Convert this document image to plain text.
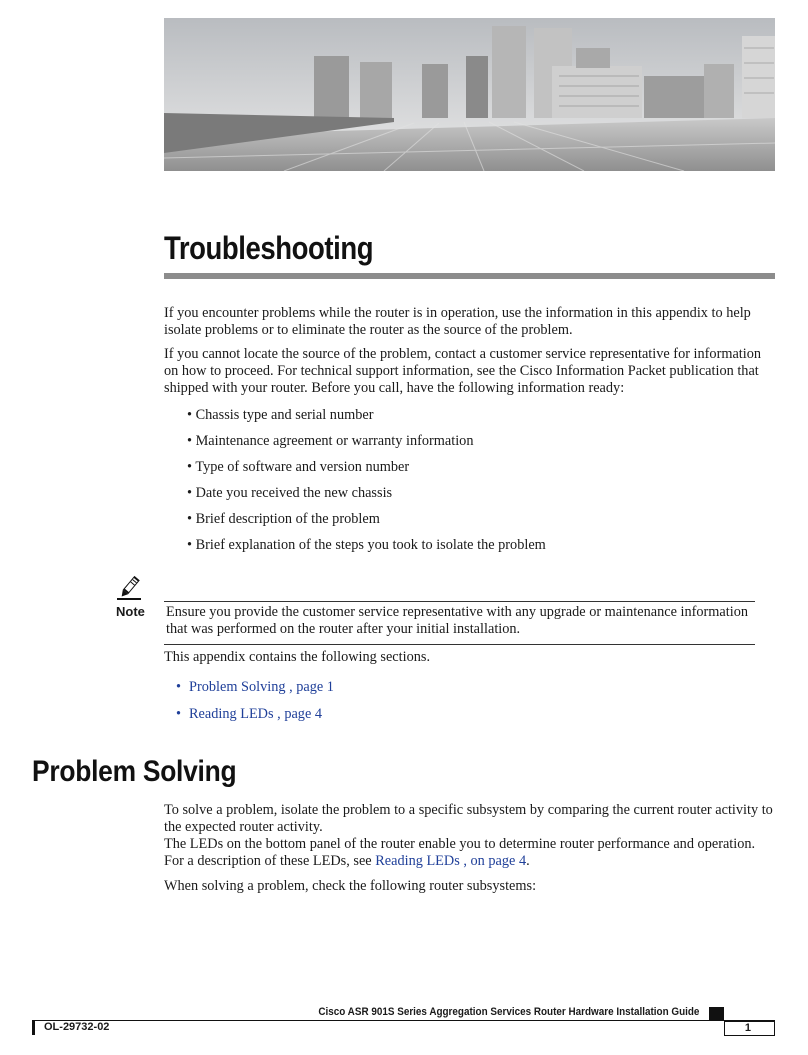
Troubleshooting

If you encounter problems while the router is in operation, use the information in this appendix to help isolate problems or to eliminate the router as the source of the problem.

If you cannot locate the source of the problem, contact a customer service representative for information on how to proceed. For technical support information, see the Cisco Information Packet publication that shipped with your router. Before you call, have the following information ready:

• Chassis type and serial number
• Maintenance agreement or warranty information
• Type of software and version number
• Date you received the new chassis
• Brief description of the problem
• Brief explanation of the steps you took to isolate the problem
Note Ensure you provide the customer service representative with any upgrade or maintenance information that was performed on the router after your initial installation.

This appendix contains the following sections.

• Problem Solving , page 1
• Reading LEDs , page 4
Problem Solving

To solve a problem, isolate the problem to a specific subsystem by comparing the current router activity to the expected router activity.

The LEDs on the bottom panel of the router enable you to determine router performance and operation. For a description of these LEDs, see Reading LEDs , on page 4.

When solving a problem, check the following router subsystems:

Cisco ASR 901S Series Aggregation Services Router Hardware Installation Guide
OL-29732-02	1
